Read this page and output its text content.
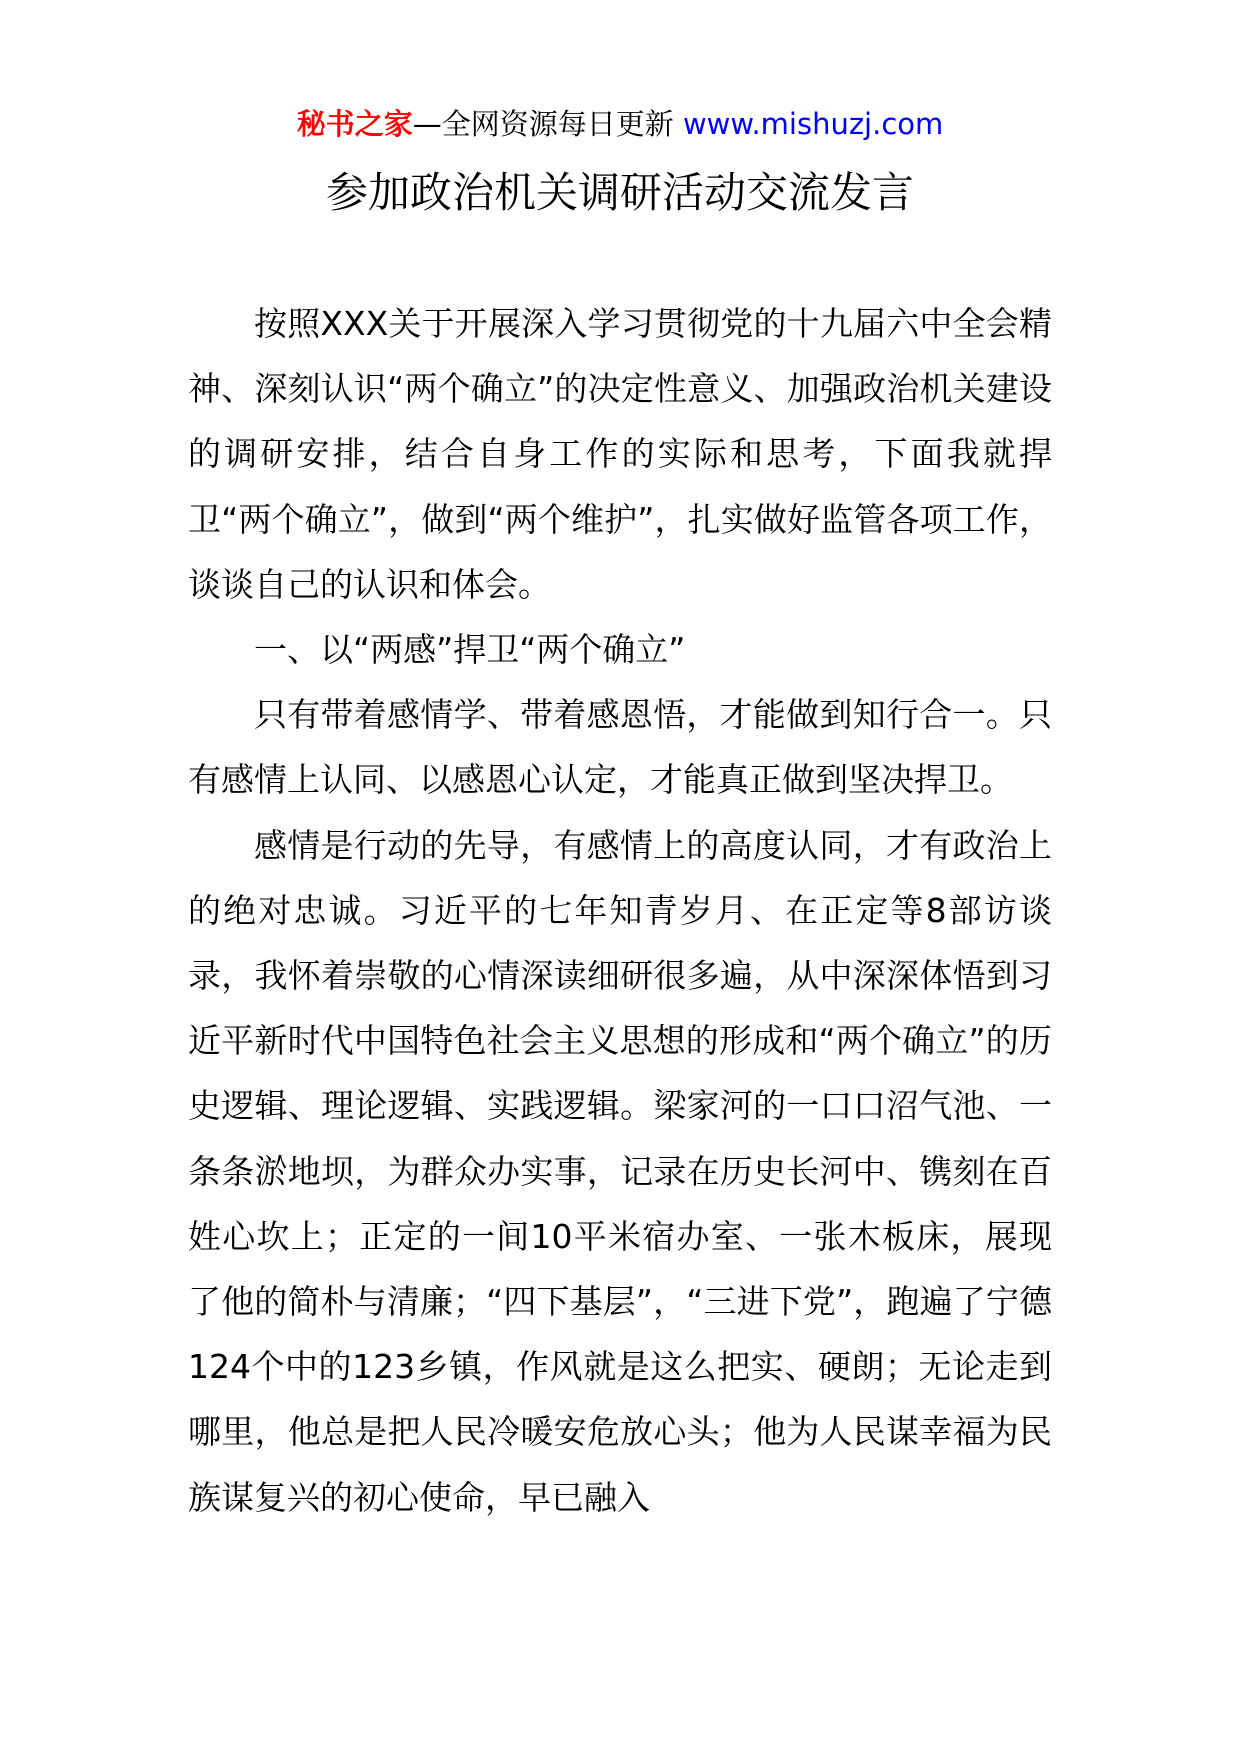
秘书之家—全网资源每日更新 www.mishuzj.com
参加政治机关调研活动交流发言

按照XXX关于开展深入学习贯彻党的十九届六中全会精神、深刻认识“两个确立”的决定性意义、加强政治机关建设的调研安排，结合自身工作的实际和思考，下面我就捍卫“两个确立”，做到“两个维护”，扎实做好监管各项工作，谈谈自己的认识和体会。

一、以“两感”捍卫“两个确立”

只有带着感情学、带着感恩悟，才能做到知行合一。只有感情上认同、以感恩心认定，才能真正做到坚决捍卫。

感情是行动的先导，有感情上的高度认同，才有政治上的绝对忠诚。习近平的七年知青岁月、在正定等8部访谈录，我怀着崇敬的心情深读细研很多遍，从中深深体悟到习近平新时代中国特色社会主义思想的形成和“两个确立”的历史逻辑、理论逻辑、实践逻辑。梁家河的一口口沼气池、一条条淤地坝，为群众办实事，记录在历史长河中、镌刻在百姓心坎上；正定的一间10平米宿办室、一张木板床，展现了他的简朴与清廉；“四下基层”，“三进下党”，跑遍了宁德124个中的123乡镇，作风就是这么把实、硬朗；无论走到哪里，他总是把人民冷暖安危放心头；他为人民谋幸福为民族谋复兴的初心使命，早已融入
